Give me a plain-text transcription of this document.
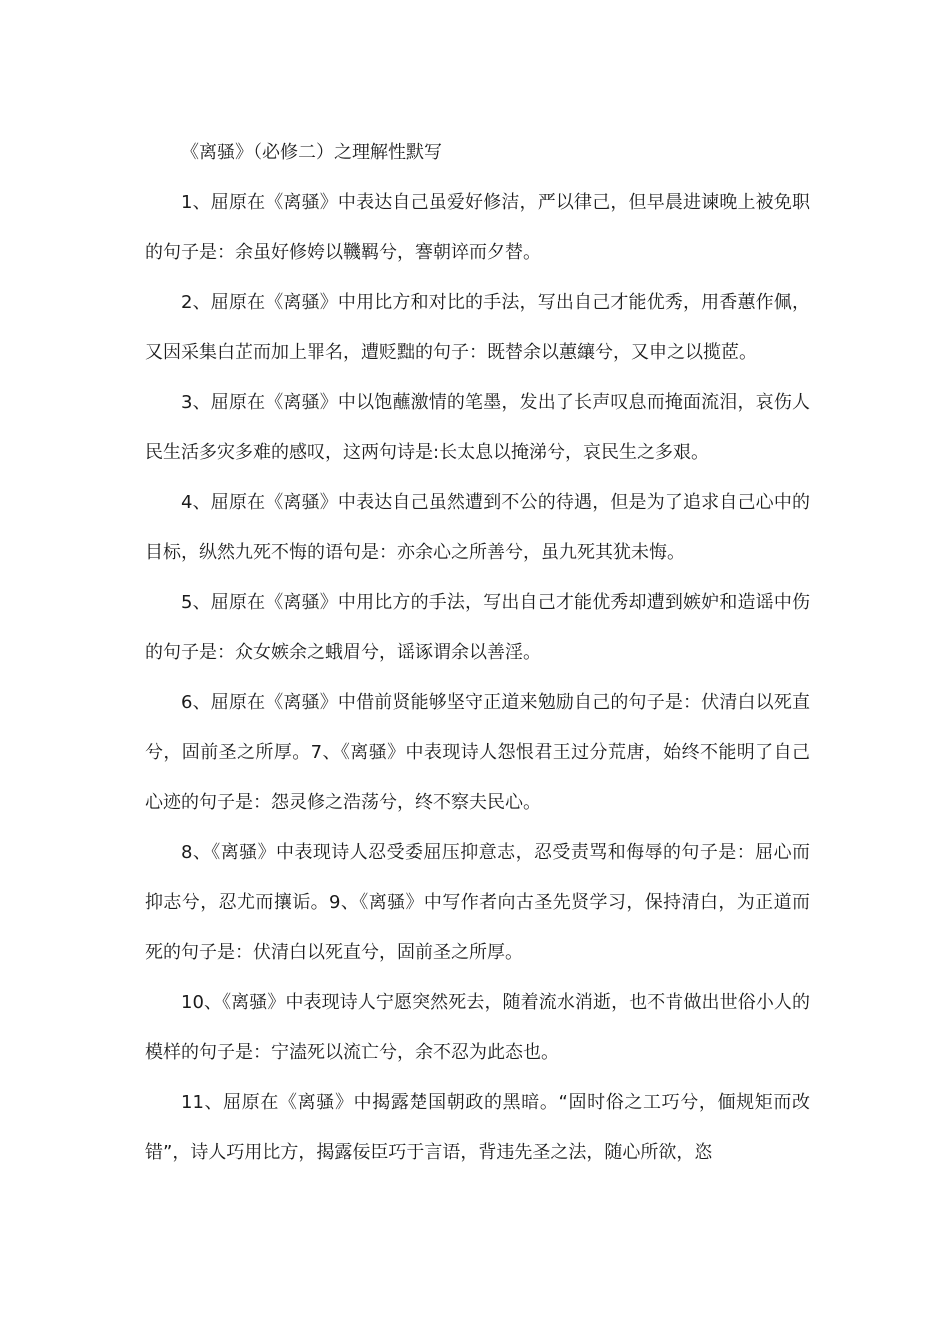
《离骚》（必修二）之理解性默写

1、屈原在《离骚》中表达自己虽爱好修洁，严以律己，但早晨进谏晚上被免职的句子是：余虽好修姱以鞿羁兮，謇朝谇而夕替。

2、屈原在《离骚》中用比方和对比的手法，写出自己才能优秀，用香蕙作佩，又因采集白芷而加上罪名，遭贬黜的句子：既替余以蕙纕兮，又申之以揽茝。

3、屈原在《离骚》中以饱蘸激情的笔墨，发出了长声叹息而掩面流泪，哀伤人民生活多灾多难的感叹，这两句诗是:长太息以掩涕兮，哀民生之多艰。

4、屈原在《离骚》中表达自己虽然遭到不公的待遇，但是为了追求自己心中的目标，纵然九死不悔的语句是：亦余心之所善兮，虽九死其犹未悔。

5、屈原在《离骚》中用比方的手法，写出自己才能优秀却遭到嫉妒和造谣中伤的句子是：众女嫉余之蛾眉兮，谣诼谓余以善淫。

6、屈原在《离骚》中借前贤能够坚守正道来勉励自己的句子是：伏清白以死直兮，固前圣之所厚。7、《离骚》中表现诗人怨恨君王过分荒唐，始终不能明了自己心迹的句子是：怨灵修之浩荡兮，终不察夫民心。

8、《离骚》中表现诗人忍受委屈压抑意志，忍受责骂和侮辱的句子是：屈心而抑志兮，忍尤而攘诟。9、《离骚》中写作者向古圣先贤学习，保持清白，为正道而死的句子是：伏清白以死直兮，固前圣之所厚。

10、《离骚》中表现诗人宁愿突然死去，随着流水消逝，也不肯做出世俗小人的模样的句子是：宁溘死以流亡兮，余不忍为此态也。

11、屈原在《离骚》中揭露楚国朝政的黑暗。“固时俗之工巧兮，偭规矩而改错”，诗人巧用比方，揭露佞臣巧于言语，背违先圣之法，随心所欲，恣
